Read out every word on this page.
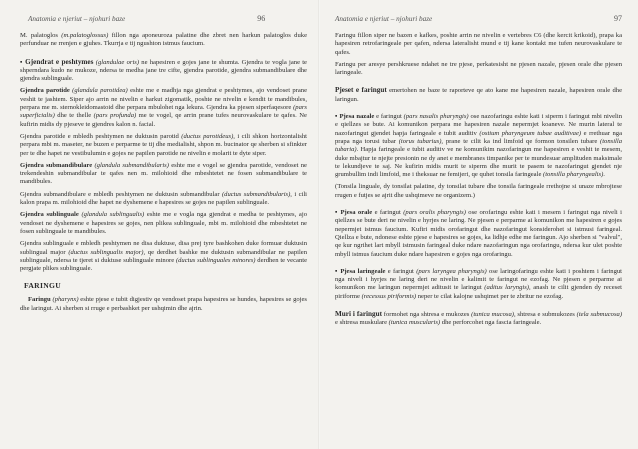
Anatomia e njeriut – njohuri baze	96

M. palatoglos (m.palatoglossus) fillon nga aponeuroza palatine dhe zbret nen harkun palatoglos duke perfunduar ne rrenjen e gjuhes. Tkurrja e tij ngushton istmus faucium.

▪ Gjendrat e peshtymes (glandulae oris) ne hapesiren e gojes jane te shumta. Gjendra te vogla jane te shperndara kudo ne mukoze, ndersa te medha jane tre cifte, gjendra parotide, gjendra submandibulare dhe gjendra sublinguale.

Gjendra parotide (glandula parotidea) eshte me e madhja nga gjendrat e peshtymes, ajo vendoset prane veshit te jashtem. Siper ajo arrin ne nivelin e harkut zigomatik, poshte ne nivelin e kendit te mandibules, perpara me m. sternokleidomastoid dhe perpara mbulohet nga lekura. Gjendra ka pjesen siperfaqesore (pars superficialis) dhe te thelle (pars profunda) me te vogel, qe arrin prane tufes neurovaskulare te qafes. Ne kufirin midis dy pjeseve te gjendres kalon n. facial.

Gjendra parotide e mbledh peshtymen ne duktusin parotid (ductus parotideus), i cili shkon horizontalisht perpara mbi m. maseter, ne buzen e perparme te tij dhe medialisht, shpon m. bucinator qe sherben si sfinkter per te dhe hapet ne vestibulumin e gojes ne papilen parotide ne nivelin e molarit te dyte siper.

Gjendra submandibulare (glandula submandibularis) eshte me e vogel se gjendra parotide, vendoset ne trekendeshin submandibular te qafes nen m. milohioid dhe mbeshtetet ne fosen submandibulare te mandibules.

Gjendra submandibulare e mbledh peshtymen ne duktusin submandibular (ductus submandibularis), i cili kalon prapa m. milohioid dhe hapet ne dyshemene e hapesires se gojes ne papilen sublinguale.

Gjendra sublinguale (glandula sublingualis) eshte me e vogla nga gjendrat e medha te peshtymes, ajo vendoset ne dyshemene e hapesires se gojes, nen plikea sublinguale, mbi m. milohioid dhe mbeshtetet ne fosen sublinguale te mandibules.

Gjendra sublinguale e mbledh peshtymen ne disa duktuse, disa prej tyre bashkohen duke formuar duktusin sublingual major (ductus sublingualis major), qe derdhet bashke me duktusin submandibular ne papilen sublinguale, ndersa te tjeret si duktuse sublinguale minore (ductus sublinguales minores) derdhen te vecante pergjate plikes sublinguale.

FARINGU

Faringu (pharynx) eshte pjese e tubit digjestiv qe vendoset prapa hapesires se hundes, hapesires se gojes dhe laringut. Ai sherben si rruge e perbashket per ushqimin dhe ajrin.

Anatomia e njeriut – njohuri baze	97

Faringu fillon siper ne bazen e kafkes, poshte arrin ne nivelin e vertebres C6 (dhe kercit krikoid), prapa ka hapesiren retrofaringeale per qafen, ndersa lateralisht mund e tij kane kontakt me tufen neurovaskulare te qafes.

Faringu per aresye pershkruese ndahet ne tre pjese, perkatesisht ne pjesen nazale, pjesen orale dhe pjesen laringeale.

Pjeset e faringut emertohen ne baze te raporteve qe ato kane me hapesiren nazale, hapesiren orale dhe laringun.

▪ Pjesa nazale e faringut (pars nasalis pharyngis) ose nazofaringu eshte kati i siperm i faringut mbi nivelin e qiellzes se bute. Ai komunikon perpara me hapesiren nazale nepermjet koaneve. Ne murin lateral te nazofaringut gjendet hapja faringeale e tubit auditiv (ostium pharyngeum tubae auditivae) e rrethuar nga prapa nga torusi tubar (torus tubarius), prane te cilit ka ind limfoid qe formon tonsilen tubare (tonsilla tubaria). Hapja faringeale e tubit auditiv ve ne komunikim nazofaringun me hapesiren e veshit te mesem, duke mbajtur te njejte presionin ne dy anet e membranes timpanike per te mundesuar amplituden maksimale te lekundjeve te saj. Ne kufirin midis murit te siperm dhe murit te pasem te nazofaringut gjendet nje grumbullim indi limfoid, me i theksuar ne femijeri, qe quhet tonsila faringeale (tonsilla pharyngealis).

(Tonsila linguale, dy tonsilat palatine, dy tonsilat tubare dhe tonsila faringeale rrethojne si unaze mbrojtese rrugen e futjes se ajrit dhe ushqimeve ne organizem.)

▪ Pjesa orale e faringut (pars oralis pharyngis) ose orofaringu eshte kati i mesem i faringut nga niveli i qiellzes se bute deri ne nivelin e hyrjes ne laring. Ne pjesen e perparme ai komunikon me hapesiren e gojes nepermjet istmus faucium. Kufiri midis orofaringut dhe nazofaringut konsiderohet si istmusi faringeal. Qiellza e bute, ndonese eshte pjese e hapesires se gojes, ka lidhje edhe me faringun. Ajo sherben si "valvul", qe kur ngrihet lart mbyll istmusin faringeal duke ndare nazofaringun nga orofaringu, ndersa kur ulet poshte mbyll istmus faucium duke ndare hapesiren e gojes nga orofaringu.

▪ Pjesa laringeale e faringut (pars laryngea pharyngis) ose laringofaringu eshte kati i poshtem i faringut nga niveli i hyrjes ne laring deri ne nivelin e kalimit te faringut ne ezofag. Ne pjesen e perparme ai komunikon me laringun nepermjet aditusit te laringut (aditus laryngis), anash te cilit gjenden dy receset piriforme (recessus piriformis) neper te cilat kalojne ushqimet per te zbritur ne ezofag.

Muri i faringut formohet nga shtresa e mukozes (tunica mucosa), shtresa e submukozes (tela submucosa) e shtresa muskulare (tunica muscularis) dhe perforcohet nga fascia faringeale.
